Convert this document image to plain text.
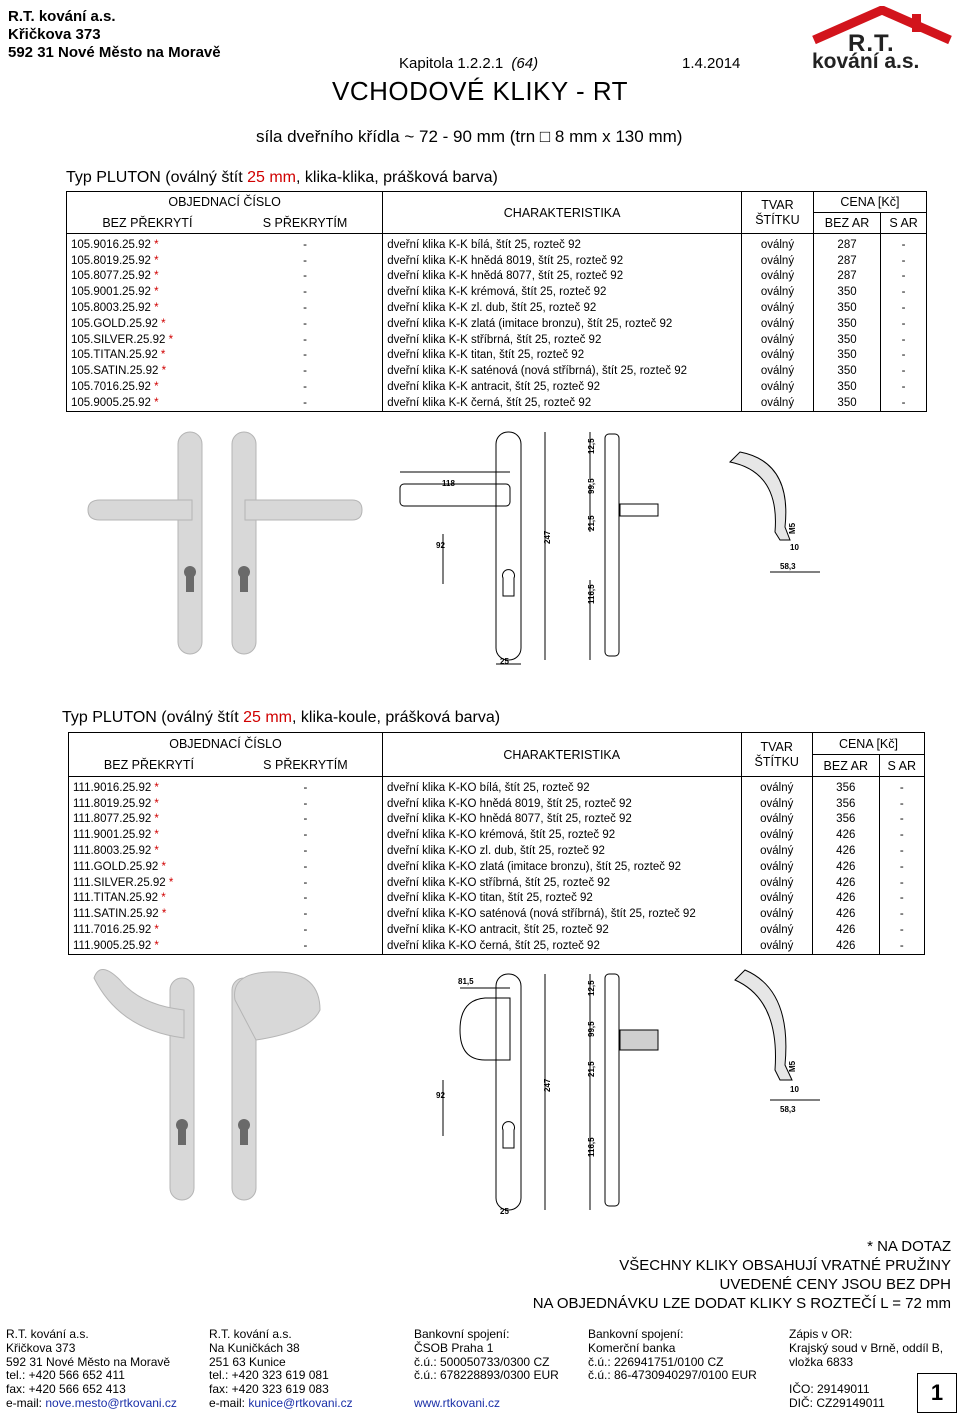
R.T. kování a.s.
Křičkova 373
592 31 Nové Město na Moravě
Kapitola 1.2.2.1 (64)	1.4.2014
R.T.
kování a.s.
VCHODOVÉ KLIKY - RT
síla dveřního křídla ~ 72 - 90 mm (trn □ 8 mm x 130 mm)
Typ PLUTON (oválný štít 25 mm, klika-klika, prášková barva)
OBJEDNACÍ ČÍSLO		CHARAKTERISTIKA	TVAR
ŠTÍTKU	CENA [Kč]	
BEZ PŘEKRYTÍ	S PŘEKRYTÍM			BEZ AR	S AR
105.9016.25.92 *	-	dveřní klika K-K bílá, štít 25, rozteč 92	oválný	287	-
105.8019.25.92 *	-	dveřní klika K-K hnědá 8019, štít 25, rozteč 92	oválný	287	-
105.8077.25.92 *	-	dveřní klika K-K hnědá 8077, štít 25, rozteč 92	oválný	287	-
105.9001.25.92 *	-	dveřní klika K-K krémová, štít 25, rozteč 92	oválný	350	-
105.8003.25.92 *	-	dveřní klika K-K zl. dub, štít 25, rozteč 92	oválný	350	-
105.GOLD.25.92 *	-	dveřní klika K-K zlatá (imitace bronzu), štít 25, rozteč 92	oválný	350	-
105.SILVER.25.92 *	-	dveřní klika K-K stříbrná, štít 25, rozteč 92	oválný	350	-
105.TITAN.25.92 *	-	dveřní klika K-K titan, štít 25, rozteč 92	oválný	350	-
105.SATIN.25.92 *	-	dveřní klika K-K saténová (nová stříbrná), štít 25, rozteč 92	oválný	350	-
105.7016.25.92 *	-	dveřní klika K-K antracit, štít 25, rozteč 92	oválný	350	-
105.9005.25.92 *	-	dveřní klika K-K černá, štít 25, rozteč 92	oválný	350	-
118
92
247
99,5
12,5
21,5
116,5
25
10
58,3
M5
Typ PLUTON (oválný štít 25 mm, klika-koule, prášková barva)
OBJEDNACÍ ČÍSLO		CHARAKTERISTIKA	TVAR
ŠTÍTKU	CENA [Kč]	
BEZ PŘEKRYTÍ	S PŘEKRYTÍM			BEZ AR	S AR
111.9016.25.92 *	-	dveřní klika K-KO bílá, štít 25, rozteč 92	oválný	356	-
111.8019.25.92 *	-	dveřní klika K-KO hnědá 8019, štít 25, rozteč 92	oválný	356	-
111.8077.25.92 *	-	dveřní klika K-KO hnědá 8077, štít 25, rozteč 92	oválný	356	-
111.9001.25.92 *	-	dveřní klika K-KO krémová, štít 25, rozteč 92	oválný	426	-
111.8003.25.92 *	-	dveřní klika K-KO zl. dub, štít 25, rozteč 92	oválný	426	-
111.GOLD.25.92 *	-	dveřní klika K-KO zlatá (imitace bronzu), štít 25, rozteč 92	oválný	426	-
111.SILVER.25.92 *	-	dveřní klika K-KO stříbrná, štít 25, rozteč 92	oválný	426	-
111.TITAN.25.92 *	-	dveřní klika K-KO titan, štít 25, rozteč 92	oválný	426	-
111.SATIN.25.92 *	-	dveřní klika K-KO saténová (nová stříbrná), štít 25, rozteč 92	oválný	426	-
111.7016.25.92 *	-	dveřní klika K-KO antracit, štít 25, rozteč 92	oválný	426	-
111.9005.25.92 *	-	dveřní klika K-KO černá, štít 25, rozteč 92	oválný	426	-
81,5
92
247
99,5
12,5
21,5
116,5
25
10
58,3
M5
* NA DOTAZ
VŠECHNY KLIKY OBSAHUJÍ VRATNÉ PRUŽINY
UVEDENÉ CENY JSOU BEZ DPH
NA OBJEDNÁVKU LZE DODAT KLIKY S ROZTEČÍ L = 72 mm
R.T. kování a.s.
Křičkova 373
592 31 Nové Město na Moravě
tel.: +420 566 652 411
fax: +420 566 652 413
e-mail: nove.mesto@rtkovani.cz
R.T. kování a.s.
Na Kuničkách 38
251 63 Kunice
tel.: +420 323 619 081
fax: +420 323 619 083
e-mail: kunice@rtkovani.cz
Bankovní spojení:
ČSOB Praha 1
č.ú.: 500050733/0300 CZ
č.ú.: 678228893/0300 EUR

www.rtkovani.cz
Bankovní spojení:
Komerční banka
č.ú.: 226941751/0100 CZ
č.ú.: 86-4730940297/0100 EUR
Zápis v OR:
Krajský soud v Brně, oddíl B,
vložka 6833

IČO: 29149011
DIČ: CZ29149011	1
